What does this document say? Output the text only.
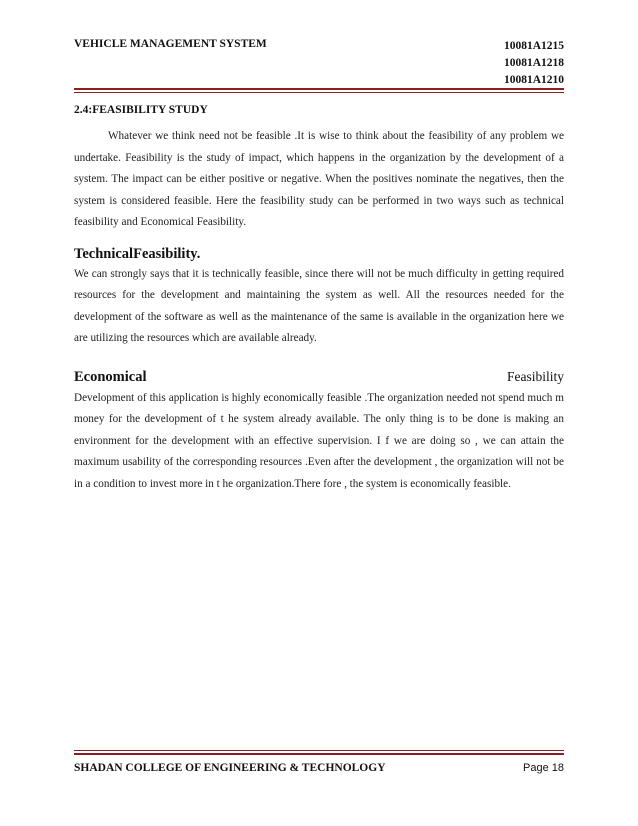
VEHICLE MANAGEMENT SYSTEM	10081A1215
10081A1218
10081A1210
2.4:FEASIBILITY STUDY

Whatever we think need not be feasible .It is wise to think about the feasibility of any problem we undertake. Feasibility is the study of impact, which happens in the organization by the development of a system. The impact can be either positive or negative. When the positives nominate the negatives, then the system is considered feasible. Here the feasibility study can be performed in two ways such as technical feasibility and Economical Feasibility.

TechnicalFeasibility.

We can strongly says that it is technically feasible, since there will not be much difficulty in getting required resources for the development and maintaining the system as well. All the resources needed for the development of the software as well as the maintenance of the same is available in the organization here we are utilizing the resources which are available already.

Economical	Feasibility

Development of this application is highly economically feasible .The organization needed not spend much m money for the development of t he system already available. The only thing is to be done is making an environment for the development with an effective supervision. I f we are doing so , we can attain the maximum usability of the corresponding resources .Even after the development , the organization will not be in a condition to invest more in t he organization.There fore , the system is economically feasible.

SHADAN COLLEGE OF ENGINEERING & TECHNOLOGY	Page 18
